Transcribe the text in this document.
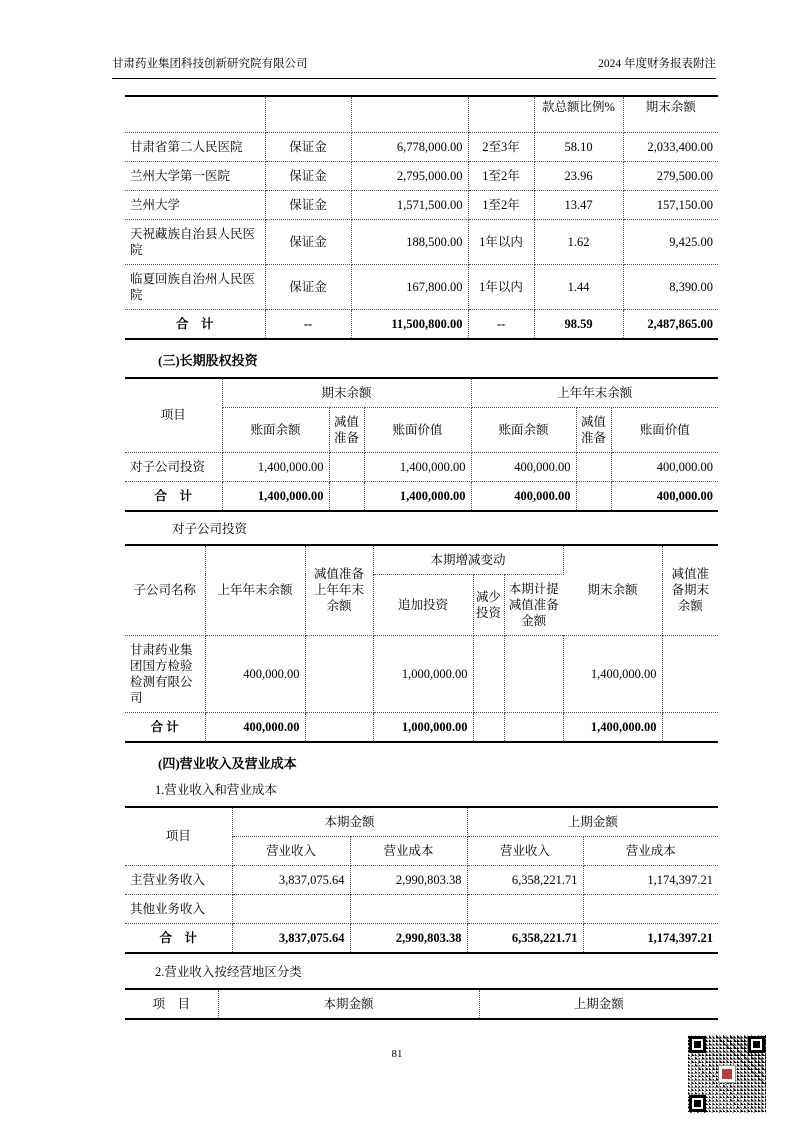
甘肃药业集团科技创新研究院有限公司	2024 年度财务报表附注
				款总额比例%	期末余额
甘肃省第二人民医院	保证金	6,778,000.00	2至3年	58.10	2,033,400.00
兰州大学第一医院	保证金	2,795,000.00	1至2年	23.96	279,500.00
兰州大学	保证金	1,571,500.00	1至2年	13.47	157,150.00
天祝藏族自治县人民医院	保证金	188,500.00	1年以内	1.62	9,425.00
临夏回族自治州人民医院	保证金	167,800.00	1年以内	1.44	8,390.00
合　计	--	11,500,800.00	--	98.59	2,487,865.00
(三)长期股权投资
项目	期末余额			上年年末余额		
	账面余额	减值准备	账面价值	账面余额	减值准备	账面价值
对子公司投资	1,400,000.00		1,400,000.00	400,000.00		400,000.00
合　计	1,400,000.00		1,400,000.00	400,000.00		400,000.00
对子公司投资
子公司名称	上年年末余额	减值准备上年年末余额	本期增减变动			期末余额	减值准备期末余额
			追加投资	减少投资	本期计提减值准备金额		
甘肃药业集团国方检验检测有限公司	400,000.00		1,000,000.00			1,400,000.00	
合 计	400,000.00		1,000,000.00			1,400,000.00	
(四)营业收入及营业成本
1.营业收入和营业成本
项目	本期金额		上期金额	
	营业收入	营业成本	营业收入	营业成本
主营业务收入	3,837,075.64	2,990,803.38	6,358,221.71	1,174,397.21
其他业务收入				
合　计	3,837,075.64	2,990,803.38	6,358,221.71	1,174,397.21
2.营业收入按经营地区分类
项　目	本期金额	上期金额
81
